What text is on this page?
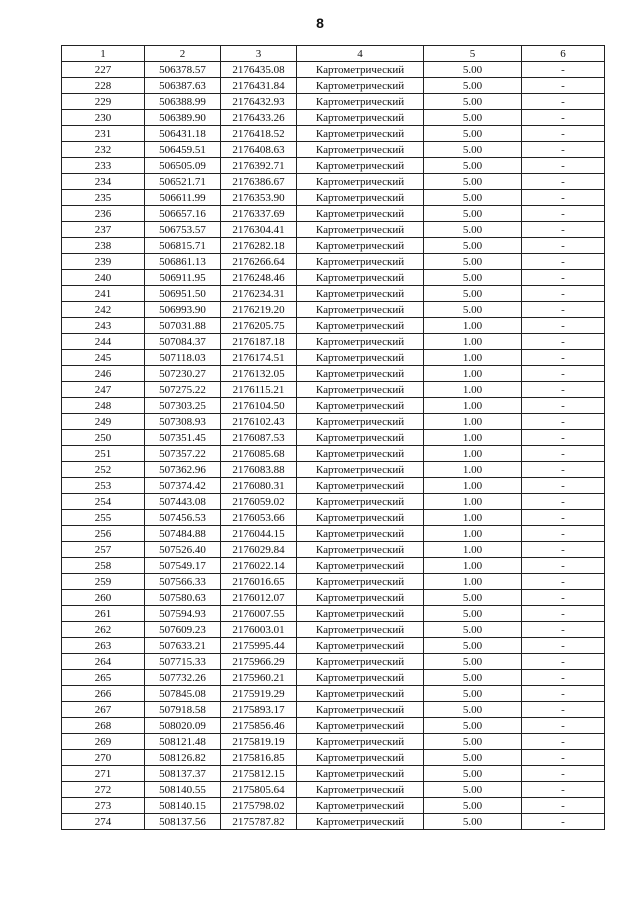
8
1	2	3	4	5	6
227	506378.57	2176435.08	Картометрический	5.00	-
228	506387.63	2176431.84	Картометрический	5.00	-
229	506388.99	2176432.93	Картометрический	5.00	-
230	506389.90	2176433.26	Картометрический	5.00	-
231	506431.18	2176418.52	Картометрический	5.00	-
232	506459.51	2176408.63	Картометрический	5.00	-
233	506505.09	2176392.71	Картометрический	5.00	-
234	506521.71	2176386.67	Картометрический	5.00	-
235	506611.99	2176353.90	Картометрический	5.00	-
236	506657.16	2176337.69	Картометрический	5.00	-
237	506753.57	2176304.41	Картометрический	5.00	-
238	506815.71	2176282.18	Картометрический	5.00	-
239	506861.13	2176266.64	Картометрический	5.00	-
240	506911.95	2176248.46	Картометрический	5.00	-
241	506951.50	2176234.31	Картометрический	5.00	-
242	506993.90	2176219.20	Картометрический	5.00	-
243	507031.88	2176205.75	Картометрический	1.00	-
244	507084.37	2176187.18	Картометрический	1.00	-
245	507118.03	2176174.51	Картометрический	1.00	-
246	507230.27	2176132.05	Картометрический	1.00	-
247	507275.22	2176115.21	Картометрический	1.00	-
248	507303.25	2176104.50	Картометрический	1.00	-
249	507308.93	2176102.43	Картометрический	1.00	-
250	507351.45	2176087.53	Картометрический	1.00	-
251	507357.22	2176085.68	Картометрический	1.00	-
252	507362.96	2176083.88	Картометрический	1.00	-
253	507374.42	2176080.31	Картометрический	1.00	-
254	507443.08	2176059.02	Картометрический	1.00	-
255	507456.53	2176053.66	Картометрический	1.00	-
256	507484.88	2176044.15	Картометрический	1.00	-
257	507526.40	2176029.84	Картометрический	1.00	-
258	507549.17	2176022.14	Картометрический	1.00	-
259	507566.33	2176016.65	Картометрический	1.00	-
260	507580.63	2176012.07	Картометрический	5.00	-
261	507594.93	2176007.55	Картометрический	5.00	-
262	507609.23	2176003.01	Картометрический	5.00	-
263	507633.21	2175995.44	Картометрический	5.00	-
264	507715.33	2175966.29	Картометрический	5.00	-
265	507732.26	2175960.21	Картометрический	5.00	-
266	507845.08	2175919.29	Картометрический	5.00	-
267	507918.58	2175893.17	Картометрический	5.00	-
268	508020.09	2175856.46	Картометрический	5.00	-
269	508121.48	2175819.19	Картометрический	5.00	-
270	508126.82	2175816.85	Картометрический	5.00	-
271	508137.37	2175812.15	Картометрический	5.00	-
272	508140.55	2175805.64	Картометрический	5.00	-
273	508140.15	2175798.02	Картометрический	5.00	-
274	508137.56	2175787.82	Картометрический	5.00	-
